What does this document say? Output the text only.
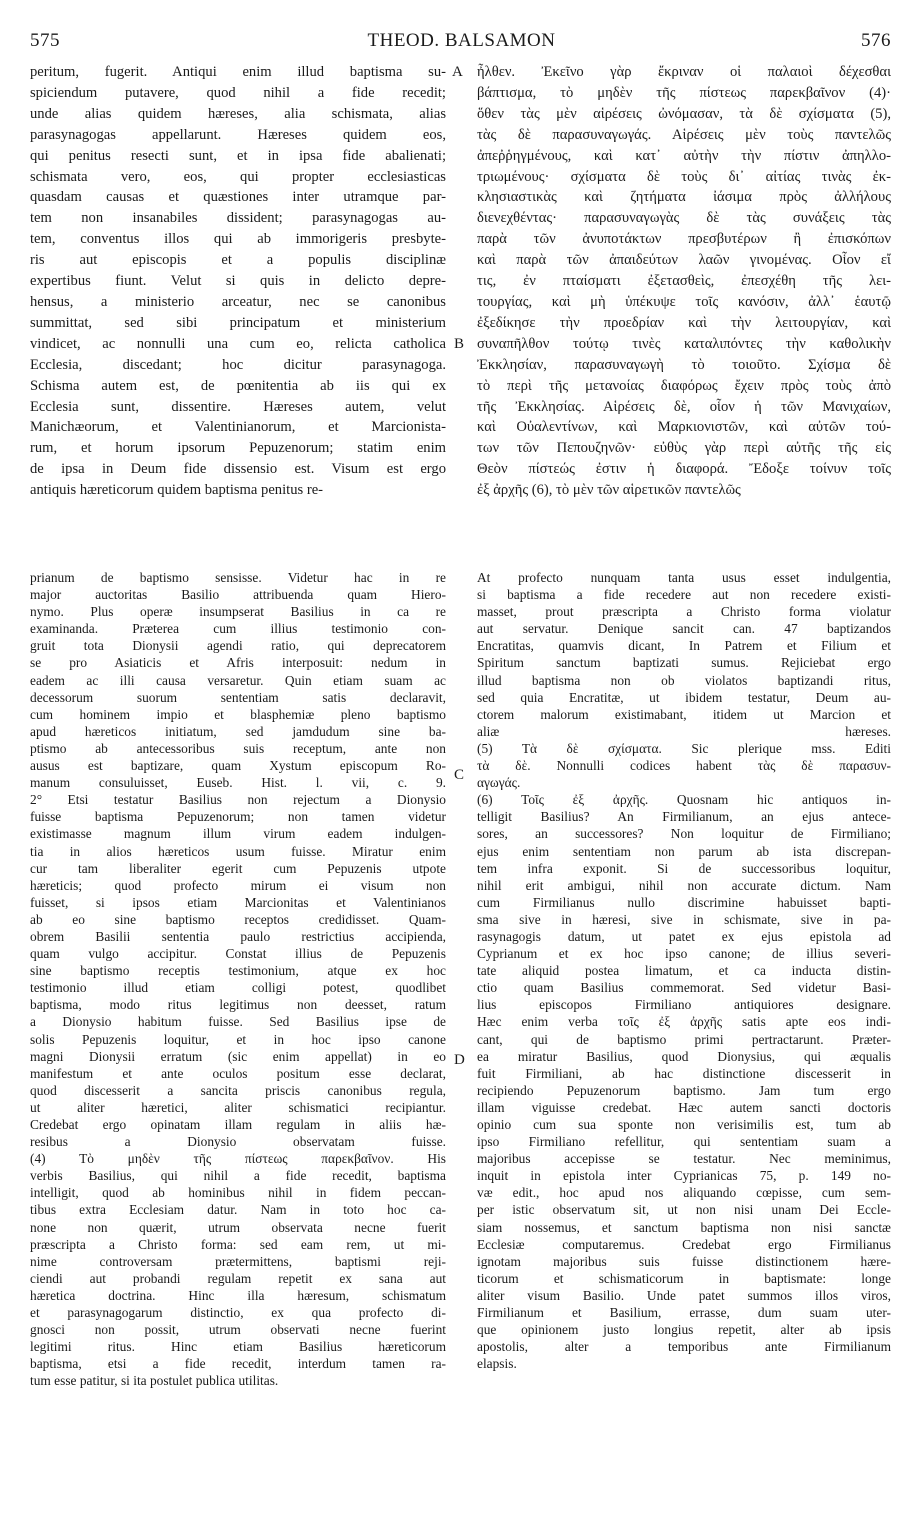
575	THEOD. BALSAMON	576
A
B
C
D
peritum, fugerit. Antiqui enim illud baptisma su-
spiciendum putavere, quod nihil a fide recedit;
unde alias quidem hæreses, alia schismata, alias
parasynagogas appellarunt. Hæreses quidem eos,
qui penitus resecti sunt, et in ipsa fide abalienati;
schismata vero, eos, qui propter ecclesiasticas
quasdam causas et quæstiones inter utramque par-
tem non insanabiles dissident; parasynagogas au-
tem, conventus illos qui ab immorigeris presbyte-
ris aut episcopis et a populis disciplinæ
expertibus fiunt. Velut si quis in delicto depre-
hensus, a ministerio arceatur, nec se canonibus
summittat, sed sibi principatum et ministerium
vindicet, ac nonnulli una cum eo, relicta catholica
Ecclesia, discedant; hoc dicitur parasynagoga.
Schisma autem est, de pœnitentia ab iis qui ex
Ecclesia sunt, dissentire. Hæreses autem, velut
Manichæorum, et Valentinianorum, et Marcionista-
rum, et horum ipsorum Pepuzenorum; statim enim
de ipsa in Deum fide dissensio est. Visum est ergo
antiquis hæreticorum quidem baptisma penitus re-
ἦλθεν. Ἐκεῖνο γὰρ ἔκριναν οἱ παλαιοὶ δέχεσθαι
βάπτισμα, τὸ μηδὲν τῆς πίστεως παρεκβαῖνον (4)·
ὅθεν τὰς μὲν αἱρέσεις ὠνόμασαν, τὰ δὲ σχίσματα (5),
τὰς δὲ παρασυναγωγάς. Αἱρέσεις μὲν τοὺς παντελῶς
ἀπεῤῥηγμένους, καὶ κατ᾽ αὐτὴν τὴν πίστιν ἀπηλλο-
τριωμένους· σχίσματα δὲ τοὺς δι᾽ αἰτίας τινὰς ἐκ-
κλησιαστικὰς καὶ ζητήματα ἰάσιμα πρὸς ἀλλήλους
διενεχθέντας· παρασυναγωγὰς δὲ τὰς συνάξεις τὰς
παρὰ τῶν ἀνυποτάκτων πρεσβυτέρων ἢ ἐπισκόπων
καὶ παρὰ τῶν ἀπαιδεύτων λαῶν γινομένας. Οἷον εἴ
τις, ἐν πταίσματι ἐξετασθεὶς, ἐπεσχέθη τῆς λει-
τουργίας, καὶ μὴ ὑπέκυψε τοῖς κανόσιν, ἀλλ᾽ ἑαυτῷ
ἐξεδίκησε τὴν προεδρίαν καὶ τὴν λειτουργίαν, καὶ
συναπῆλθον τούτῳ τινὲς καταλιπόντες τὴν καθολικὴν
Ἐκκλησίαν, παρασυναγωγὴ τὸ τοιοῦτο. Σχίσμα δὲ
τὸ περὶ τῆς μετανοίας διαφόρως ἔχειν πρὸς τοὺς ἀπὸ
τῆς Ἐκκλησίας. Αἱρέσεις δὲ, οἷον ἡ τῶν Μανιχαίων,
καὶ Οὐαλεντίνων, καὶ Μαρκιονιστῶν, καὶ αὐτῶν τού-
των τῶν Πεπουζηνῶν· εὐθὺς γὰρ περὶ αὐτῆς τῆς εἰς
Θεὸν πίστεώς ἐστιν ἡ διαφορά. Ἔδοξε τοίνυν τοῖς
ἐξ ἀρχῆς (6), τὸ μὲν τῶν αἱρετικῶν παντελῶς
prianum de baptismo sensisse. Videtur hac in re
major auctoritas Basilio attribuenda quam Hiero-
nymo. Plus operæ insumpserat Basilius in ca re
examinanda. Præterea cum illius testimonio con-
gruit tota Dionysii agendi ratio, qui deprecatorem
se pro Asiaticis et Afris interposuit: nedum in
eadem ac illi causa versaretur. Quin etiam suam ac
decessorum suorum sententiam satis declaravit,
cum hominem impio et blasphemiæ pleno baptismo
apud hæreticos initiatum, sed jamdudum sine ba-
ptismo ab antecessoribus suis receptum, ante non
ausus est baptizare, quam Xystum episcopum Ro-
manum consuluisset, Euseb. Hist. l. vii, c. 9.
2° Etsi testatur Basilius non rejectum a Dionysio
fuisse baptisma Pepuzenorum; non tamen videtur
existimasse magnum illum virum eadem indulgen-
tia in alios hæreticos usum fuisse. Miratur enim
cur tam liberaliter egerit cum Pepuzenis utpote
hæreticis; quod profecto mirum ei visum non
fuisset, si ipsos etiam Marcionitas et Valentinianos
ab eo sine baptismo receptos credidisset. Quam-
obrem Basilii sententia paulo restrictius accipienda,
quam vulgo accipitur. Constat illius de Pepuzenis
sine baptismo receptis testimonium, atque ex hoc
testimonio illud etiam colligi potest, quodlibet
baptisma, modo ritus legitimus non deesset, ratum
a Dionysio habitum fuisse. Sed Basilius ipse de
solis Pepuzenis loquitur, et in hoc ipso canone
magni Dionysii erratum (sic enim appellat) in eo
manifestum et ante oculos positum esse declarat,
quod discesserit a sancita priscis canonibus regula,
ut aliter hæretici, aliter schismatici recipiantur.
Credebat ergo opinatam illam regulam in aliis hæ-
resibus a Dionysio observatam fuisse.
(4) Τὸ μηδὲν τῆς πίστεως παρεκβαῖνον. His
verbis Basilius, qui nihil a fide recedit, baptisma
intelligit, quod ab hominibus nihil in fidem peccan-
tibus extra Ecclesiam datur. Nam in toto hoc ca-
none non quærit, utrum observata necne fuerit
præscripta a Christo forma: sed eam rem, ut mi-
nime controversam prætermittens, baptismi reji-
ciendi aut probandi regulam repetit ex sana aut
hæretica doctrina. Hinc illa hæresum, schismatum
et parasynagogarum distinctio, ex qua profecto di-
gnosci non possit, utrum observati necne fuerint
legitimi ritus. Hinc etiam Basilius hæreticorum
baptisma, etsi a fide recedit, interdum tamen ra-
tum esse patitur, si ita postulet publica utilitas.
At profecto nunquam tanta usus esset indulgentia,
si baptisma a fide recedere aut non recedere existi-
masset, prout præscripta a Christo forma violatur
aut servatur. Denique sancit can. 47 baptizandos
Encratitas, quamvis dicant, In Patrem et Filium et
Spiritum sanctum baptizati sumus. Rejiciebat ergo
illud baptisma non ob violatos baptizandi ritus,
sed quia Encratitæ, ut ibidem testatur, Deum au-
ctorem malorum existimabant, itidem ut Marcion et
aliæ hæreses.
(5) Τὰ δὲ σχίσματα. Sic plerique mss. Editi
τὰ δὲ. Nonnulli codices habent τὰς δὲ παρασυν-
αγωγάς.
(6) Τοῖς ἐξ ἀρχῆς. Quosnam hic antiquos in-
telligit Basilius? An Firmilianum, an ejus antece-
sores, an successores? Non loquitur de Firmiliano;
ejus enim sententiam non parum ab ista discrepan-
tem infra exponit. Si de successoribus loquitur,
nihil erit ambigui, nihil non accurate dictum. Nam
cum Firmilianus nullo discrimine habuisset bapti-
sma sive in hæresi, sive in schismate, sive in pa-
rasynagogis datum, ut patet ex ejus epistola ad
Cyprianum et ex hoc ipso canone; de illius severi-
tate aliquid postea limatum, et ca inducta distin-
ctio quam Basilius commemorat. Sed videtur Basi-
lius episcopos Firmiliano antiquiores designare.
Hæc enim verba τοῖς ἐξ ἀρχῆς satis apte eos indi-
cant, qui de baptismo primi pertractarunt. Præter-
ea miratur Basilius, quod Dionysius, qui æqualis
fuit Firmiliani, ab hac distinctione discesserit in
recipiendo Pepuzenorum baptismo. Jam tum ergo
illam viguisse credebat. Hæc autem sancti doctoris
opinio cum sua sponte non verisimilis est, tum ab
ipso Firmiliano refellitur, qui sententiam suam a
majoribus accepisse se testatur. Nec meminimus,
inquit in epistola inter Cyprianicas 75, p. 149 no-
væ edit., hoc apud nos aliquando cœpisse, cum sem-
per istic observatum sit, ut non nisi unam Dei Eccle-
siam nossemus, et sanctum baptisma non nisi sanctæ
Ecclesiæ computaremus. Credebat ergo Firmilianus
ignotam majoribus suis fuisse distinctionem hære-
ticorum et schismaticorum in baptismate: longe
aliter visum Basilio. Unde patet summos illos viros,
Firmilianum et Basilium, errasse, dum suam uter-
que opinionem justo longius repetit, alter ab ipsis
apostolis, alter a temporibus ante Firmilianum
elapsis.
